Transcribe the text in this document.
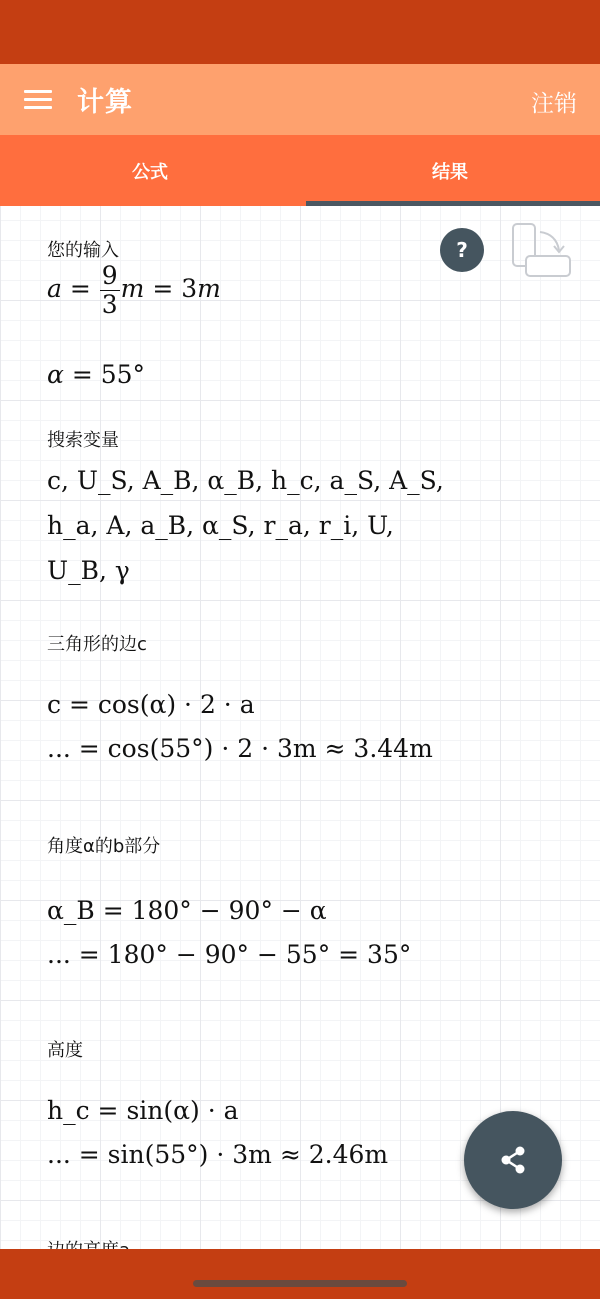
计算	注销
公式	结果
您的输入
$a = \frac{9}{3}$ m = 3m
α = 55°
搜索变量
c, U_S, A_B, α_B, h_c, a_S, A_S,
h_a, A, a_B, α_S, r_a, r_i, U,
U_B, γ
三角形的边c
c = cos(α) · 2 · a
... = cos(55°) · 2 · 3m ≈ 3.44m
角度α的b部分
α_B = 180° − 90° − α
... = 180° − 90° − 55° = 35°
高度
h_c = sin(α) · a
... = sin(55°) · 3m ≈ 2.46m
?
